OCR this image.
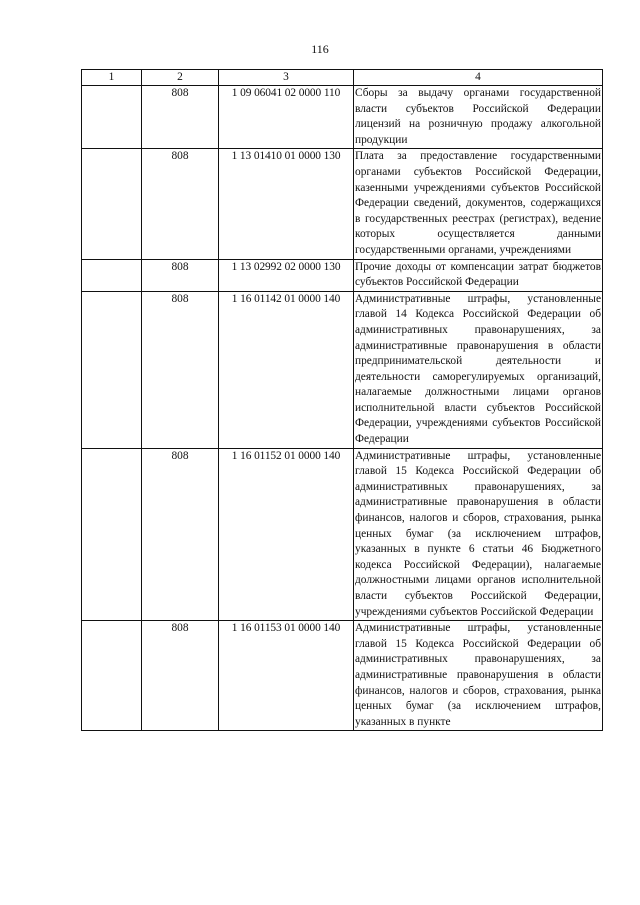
116
1	2	3	4
	808	1 09 06041 02 0000 110	Сборы за выдачу органами государственной власти субъектов Российской Федерации лицензий на розничную продажу алкогольной продукции
	808	1 13 01410 01 0000 130	Плата за предоставление государственными органами субъектов Российской Федерации, казенными учреждениями субъектов Российской Федерации сведений, документов, содержащихся в государственных реестрах (регистрах), ведение которых осуществляется данными государственными органами, учреждениями
	808	1 13 02992 02 0000 130	Прочие доходы от компенсации затрат бюджетов субъектов Российской Федерации
	808	1 16 01142 01 0000 140	Административные штрафы, установленные главой 14 Кодекса Российской Федерации об административных правонарушениях, за административные правонарушения в области предпринимательской деятельности и деятельности саморегулируемых организаций, налагаемые должностными лицами органов исполнительной власти субъектов Российской Федерации, учреждениями субъектов Российской Федерации
	808	1 16 01152 01 0000 140	Административные штрафы, установленные главой 15 Кодекса Российской Федерации об административных правонарушениях, за административные правонарушения в области финансов, налогов и сборов, страхования, рынка ценных бумаг (за исключением штрафов, указанных в пункте 6 статьи 46 Бюджетного кодекса Российской Федерации), налагаемые должностными лицами органов исполнительной власти субъектов Российской Федерации, учреждениями субъектов Российской Федерации
	808	1 16 01153 01 0000 140	Административные штрафы, установленные главой 15 Кодекса Российской Федерации об административных правонарушениях, за административные правонарушения в области финансов, налогов и сборов, страхования, рынка ценных бумаг (за исключением штрафов, указанных в пункте
